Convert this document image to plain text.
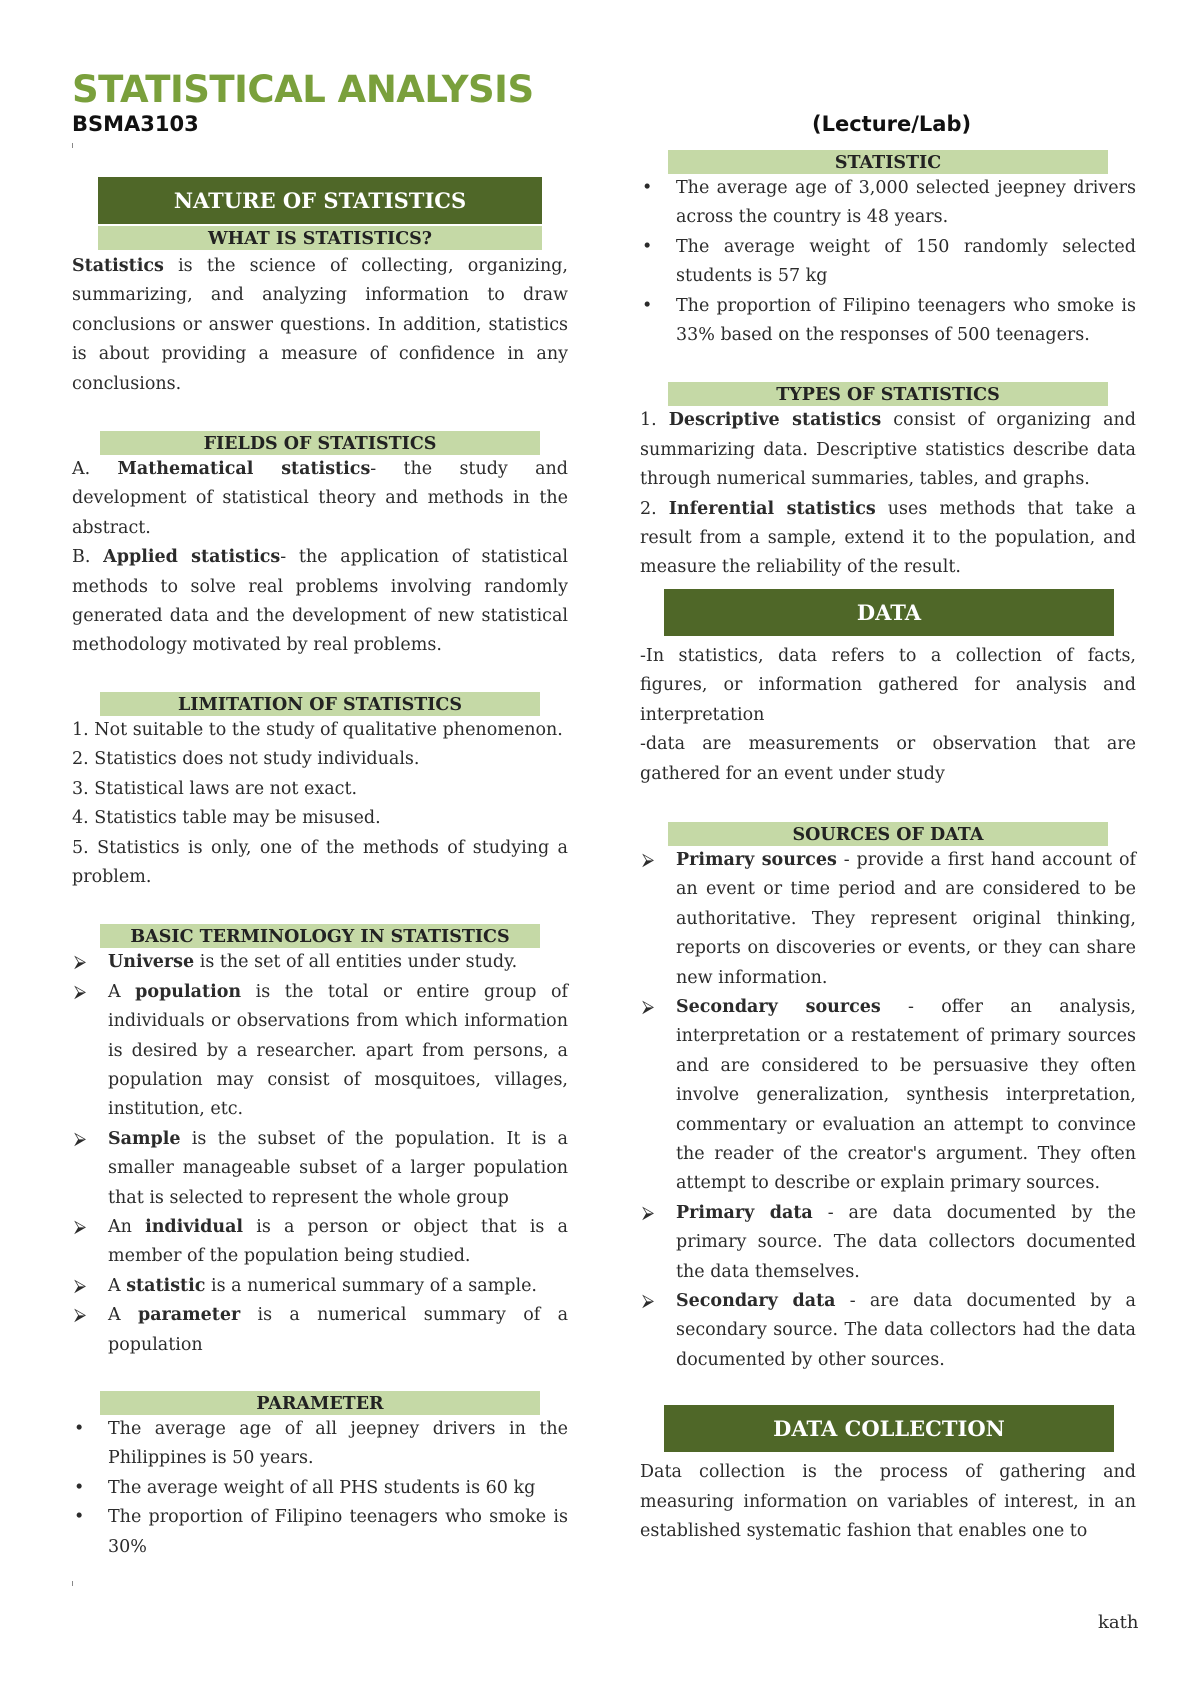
STATISTICAL ANALYSIS
BSMA3103	(Lecture/Lab)
NATURE OF STATISTICS
WHAT IS STATISTICS?

Statistics is the science of collecting, organizing, summarizing, and analyzing information to draw conclusions or answer questions. In addition, statistics is about providing a measure of confidence in any conclusions.

FIELDS OF STATISTICS

A. Mathematical statistics- the study and development of statistical theory and methods in the abstract.

B. Applied statistics- the application of statistical methods to solve real problems involving randomly generated data and the development of new statistical methodology motivated by real problems.

LIMITATION OF STATISTICS
1. Not suitable to the study of qualitative phenomenon.
2. Statistics does not study individuals.
3. Statistical laws are not exact.
4. Statistics table may be misused.
5. Statistics is only, one of the methods of studying a problem.
BASIC TERMINOLOGY IN STATISTICS
⮚ Universe is the set of all entities under study.
⮚ A population is the total or entire group of individuals or observations from which information is desired by a researcher. apart from persons, a population may consist of mosquitoes, villages, institution, etc.
⮚ Sample is the subset of the population. It is a smaller manageable subset of a larger population that is selected to represent the whole group
⮚ An individual is a person or object that is a member of the population being studied.
⮚ A statistic is a numerical summary of a sample.
⮚ A parameter is a numerical summary of a population
PARAMETER
• The average age of all jeepney drivers in the Philippines is 50 years.
• The average weight of all PHS students is 60 kg
• The proportion of Filipino teenagers who smoke is 30%
STATISTIC
• The average age of 3,000 selected jeepney drivers across the country is 48 years.
• The average weight of 150 randomly selected students is 57 kg
• The proportion of Filipino teenagers who smoke is 33% based on the responses of 500 teenagers.
TYPES OF STATISTICS

1. Descriptive statistics consist of organizing and summarizing data. Descriptive statistics describe data through numerical summaries, tables, and graphs.

2. Inferential statistics uses methods that take a result from a sample, extend it to the population, and measure the reliability of the result.

DATA

-In statistics, data refers to a collection of facts, figures, or information gathered for analysis and interpretation

-data are measurements or observation that are gathered for an event under study

SOURCES OF DATA
⮚ Primary sources - provide a first hand account of an event or time period and are considered to be authoritative. They represent original thinking, reports on discoveries or events, or they can share new information.
⮚ Secondary sources - offer an analysis, interpretation or a restatement of primary sources and are considered to be persuasive they often involve generalization, synthesis interpretation, commentary or evaluation an attempt to convince the reader of the creator's argument. They often attempt to describe or explain primary sources.
⮚ Primary data - are data documented by the primary source. The data collectors documented the data themselves.
⮚ Secondary data - are data documented by a secondary source. The data collectors had the data documented by other sources.
DATA COLLECTION

Data collection is the process of gathering and measuring information on variables of interest, in an established systematic fashion that enables one to

kath
